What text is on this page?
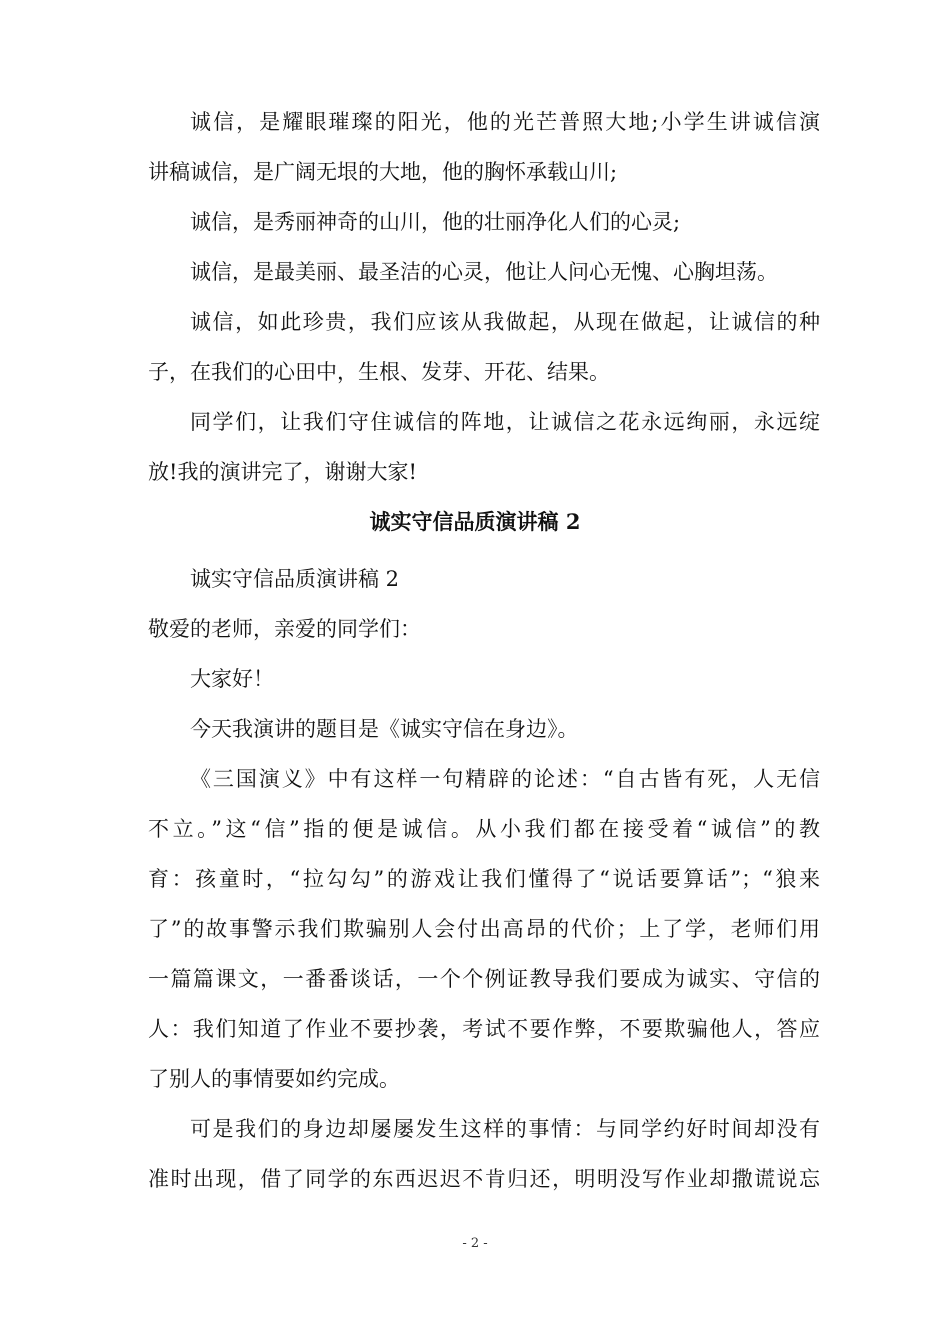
诚信，是耀眼璀璨的阳光，他的光芒普照大地;小学生讲诚信演
讲稿诚信，是广阔无垠的大地，他的胸怀承载山川;
诚信，是秀丽神奇的山川，他的壮丽净化人们的心灵;
诚信，是最美丽、最圣洁的心灵，他让人问心无愧、心胸坦荡。
诚信，如此珍贵，我们应该从我做起，从现在做起，让诚信的种
子，在我们的心田中，生根、发芽、开花、结果。
同学们，让我们守住诚信的阵地，让诚信之花永远绚丽，永远绽
放!我的演讲完了，谢谢大家!
诚实守信品质演讲稿 2
诚实守信品质演讲稿 2
敬爱的老师，亲爱的同学们：
大家好！
今天我演讲的题目是《诚实守信在身边》。
《三国演义》中有这样一句精辟的论述：“自古皆有死，人无信
不立。”这“信”指的便是诚信。从小我们都在接受着“诚信”的教
育：孩童时，“拉勾勾”的游戏让我们懂得了“说话要算话”；“狼来
了”的故事警示我们欺骗别人会付出高昂的代价；上了学，老师们用
一篇篇课文，一番番谈话，一个个例证教导我们要成为诚实、守信的
人：我们知道了作业不要抄袭，考试不要作弊，不要欺骗他人，答应
了别人的事情要如约完成。
可是我们的身边却屡屡发生这样的事情：与同学约好时间却没有
准时出现，借了同学的东西迟迟不肯归还，明明没写作业却撒谎说忘
- 2 -
